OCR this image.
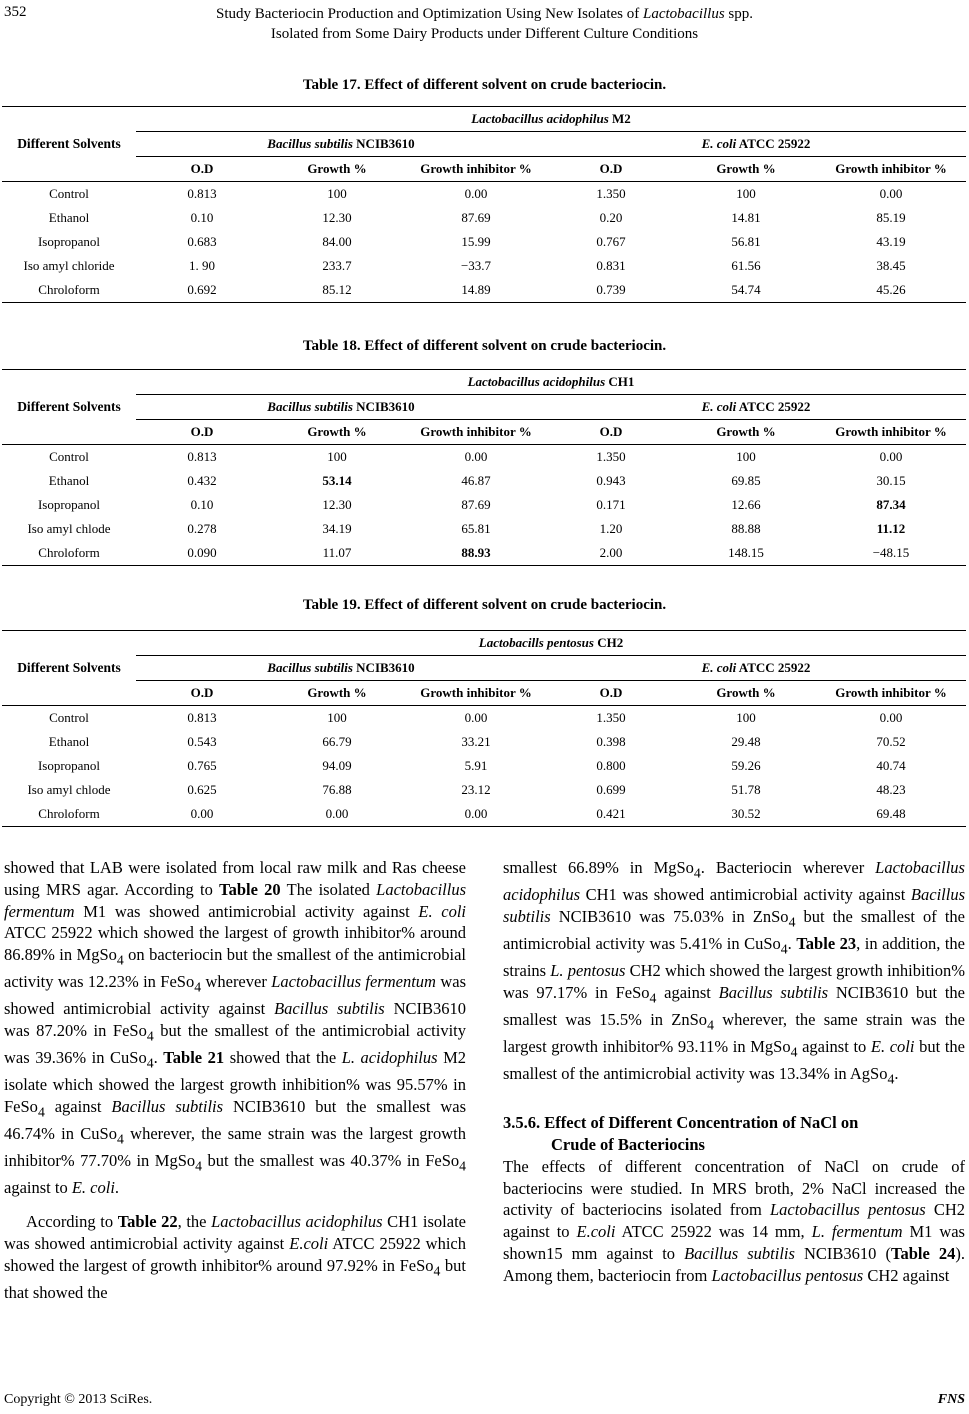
352	Study Bacteriocin Production and Optimization Using New Isolates of Lactobacillus spp.
Isolated from Some Dairy Products under Different Culture Conditions
Table 17. Effect of different solvent on crude bacteriocin.
Different Solvents	Lactobacillus acidophilus M2					
	Bacillus subtilis NCIB3610			E. coli ATCC 25922		
	O.D	Growth %	Growth inhibitor %	O.D	Growth %	Growth inhibitor %
Control	0.813	100	0.00	1.350	100	0.00
Ethanol	0.10	12.30	87.69	0.20	14.81	85.19
Isopropanol	0.683	84.00	15.99	0.767	56.81	43.19
Iso amyl chloride	1. 90	233.7	−33.7	0.831	61.56	38.45
Chroloform	0.692	85.12	14.89	0.739	54.74	45.26
Table 18. Effect of different solvent on crude bacteriocin.
Different Solvents	Lactobacillus acidophilus CH1					
	Bacillus subtilis NCIB3610			E. coli ATCC 25922		
	O.D	Growth %	Growth inhibitor %	O.D	Growth %	Growth inhibitor %
Control	0.813	100	0.00	1.350	100	0.00
Ethanol	0.432	53.14	46.87	0.943	69.85	30.15
Isopropanol	0.10	12.30	87.69	0.171	12.66	87.34
Iso amyl chlode	0.278	34.19	65.81	1.20	88.88	11.12
Chroloform	0.090	11.07	88.93	2.00	148.15	−48.15
Table 19. Effect of different solvent on crude bacteriocin.
Different Solvents	Lactobacills pentosus CH2					
	Bacillus subtilis NCIB3610			E. coli ATCC 25922		
	O.D	Growth %	Growth inhibitor %	O.D	Growth %	Growth inhibitor %
Control	0.813	100	0.00	1.350	100	0.00
Ethanol	0.543	66.79	33.21	0.398	29.48	70.52
Isopropanol	0.765	94.09	5.91	0.800	59.26	40.74
Iso amyl chlode	0.625	76.88	23.12	0.699	51.78	48.23
Chroloform	0.00	0.00	0.00	0.421	30.52	69.48

showed that LAB were isolated from local raw milk and Ras cheese using MRS agar. According to Table 20 The isolated Lactobacillus fermentum M1 was showed antimicrobial activity against E. coli ATCC 25922 which showed the largest of growth inhibitor% around 86.89% in MgSo$_4$ on bacteriocin but the smallest of the antimicrobial activity was 12.23% in FeSo$_4$ wherever Lactobacillus fermentum was showed antimicrobial activity against Bacillus subtilis NCIB3610 was 87.20% in FeSo$_4$ but the smallest of the antimicrobial activity was 39.36% in CuSo$_4$. Table 21 showed that the L. acidophilus M2 isolate which showed the largest growth inhibition% was 95.57% in FeSo$_4$ against Bacillus subtilis NCIB3610 but the smallest was 46.74% in CuSo$_4$ wherever, the same strain was the largest growth inhibitor% 77.70% in MgSo$_4$ but the smallest was 40.37% in FeSo$_4$ against to E. coli.

According to Table 22, the Lactobacillus acidophilus CH1 isolate was showed antimicrobial activity against E.coli ATCC 25922 which showed the largest of growth inhibitor% around 97.92% in FeSo$_4$ but that showed the

smallest 66.89% in MgSo$_4$. Bacteriocin wherever Lactobacillus acidophilus CH1 was showed antimicrobial activity against Bacillus subtilis NCIB3610 was 75.03% in ZnSo$_4$ but the smallest of the antimicrobial activity was 5.41% in CuSo$_4$. Table 23, in addition, the strains L. pentosus CH2 which showed the largest growth inhibition% was 97.17% in FeSo$_4$ against Bacillus subtilis NCIB3610 but the smallest was 15.5% in ZnSo$_4$ wherever, the same strain was the largest growth inhibitor% 93.11% in MgSo$_4$ against to E. coli but the smallest of the antimicrobial activity was 13.34% in AgSo$_4$.

3.5.6. Effect of Different Concentration of NaCl on

Crude of Bacteriocins

The effects of different concentration of NaCl on crude of bacteriocins were studied. In MRS broth, 2% NaCl increased the activity of bacteriocins isolated from Lactobacillus pentosus CH2 against to E.coli ATCC 25922 was 14 mm, L. fermentum M1 was shown15 mm against to Bacillus subtilis NCIB3610 (Table 24). Among them, bacteriocin from Lactobacillus pentosus CH2 against

Copyright © 2013 SciRes.	FNS
